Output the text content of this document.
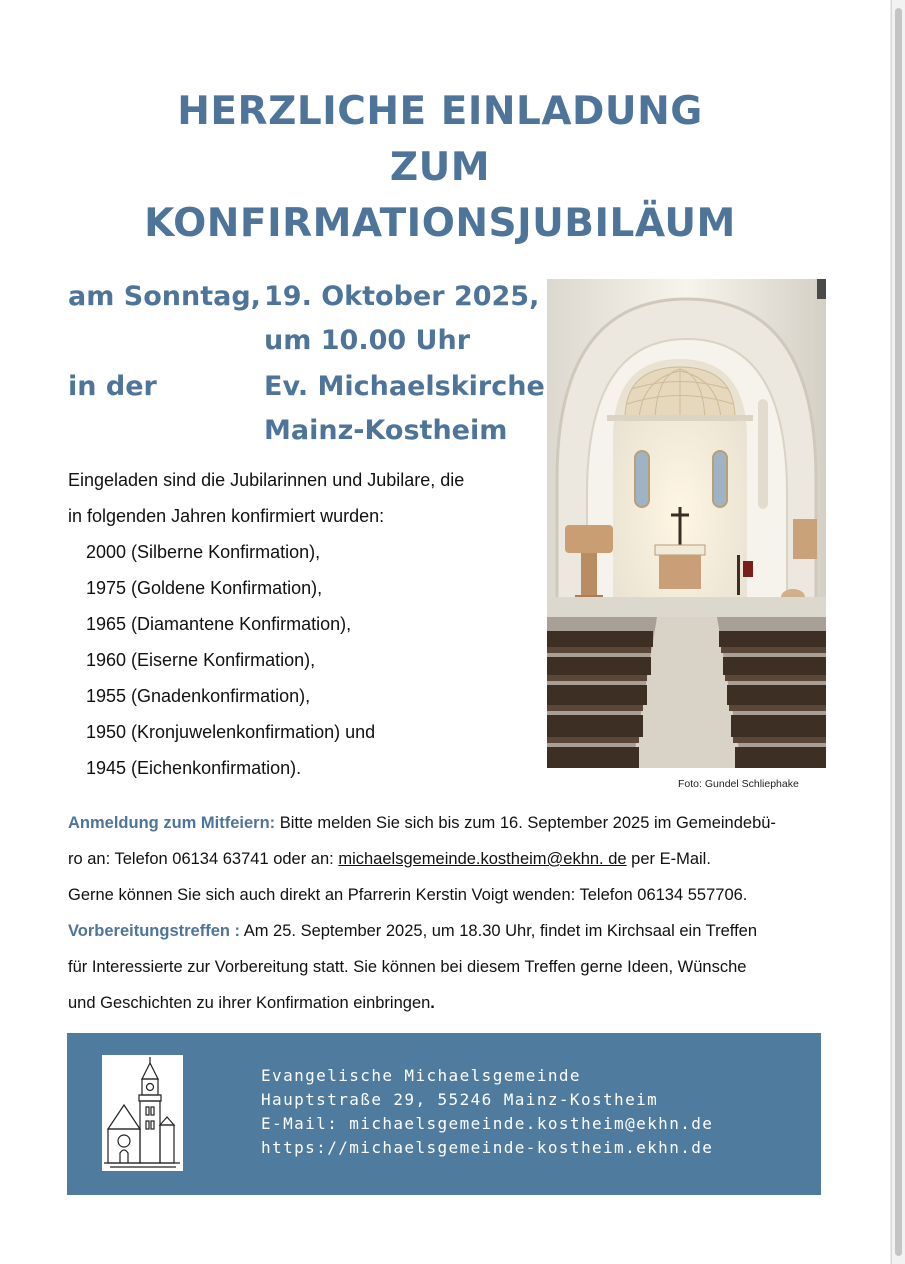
HERZLICHE EINLADUNG
ZUM
KONFIRMATIONSJUBILÄUM
am Sonntag, 19. Oktober 2025,
um 10.00 Uhr
in der	Ev. Michaelskirche
Mainz-Kostheim
Eingeladen sind die Jubilarinnen und Jubilare, die
in folgenden Jahren konfirmiert wurden:
2000 (Silberne Konfirmation),
1975 (Goldene Konfirmation),
1965 (Diamantene Konfirmation),
1960 (Eiserne Konfirmation),
1955 (Gnadenkonfirmation),
1950 (Kronjuwelenkonfirmation) und
1945 (Eichenkonfirmation).
Foto: Gundel Schliephake
Anmeldung zum Mitfeiern: Bitte melden Sie sich bis zum 16. September 2025 im Gemeindebü-
ro an: Telefon 06134 63741 oder an: michaelsgemeinde.kostheim@ekhn. de per E-Mail.
Gerne können Sie sich auch direkt an Pfarrerin Kerstin Voigt wenden: Telefon 06134 557706.
Vorbereitungstreffen : Am 25. September 2025, um 18.30 Uhr, findet im Kirchsaal ein Treffen
für Interessierte zur Vorbereitung statt. Sie können bei diesem Treffen gerne Ideen, Wünsche
und Geschichten zu ihrer Konfirmation einbringen.
Evangelische Michaelsgemeinde
Hauptstraße 29, 55246 Mainz-Kostheim
E-Mail: michaelsgemeinde.kostheim@ekhn.de
https://michaelsgemeinde-kostheim.ekhn.de
